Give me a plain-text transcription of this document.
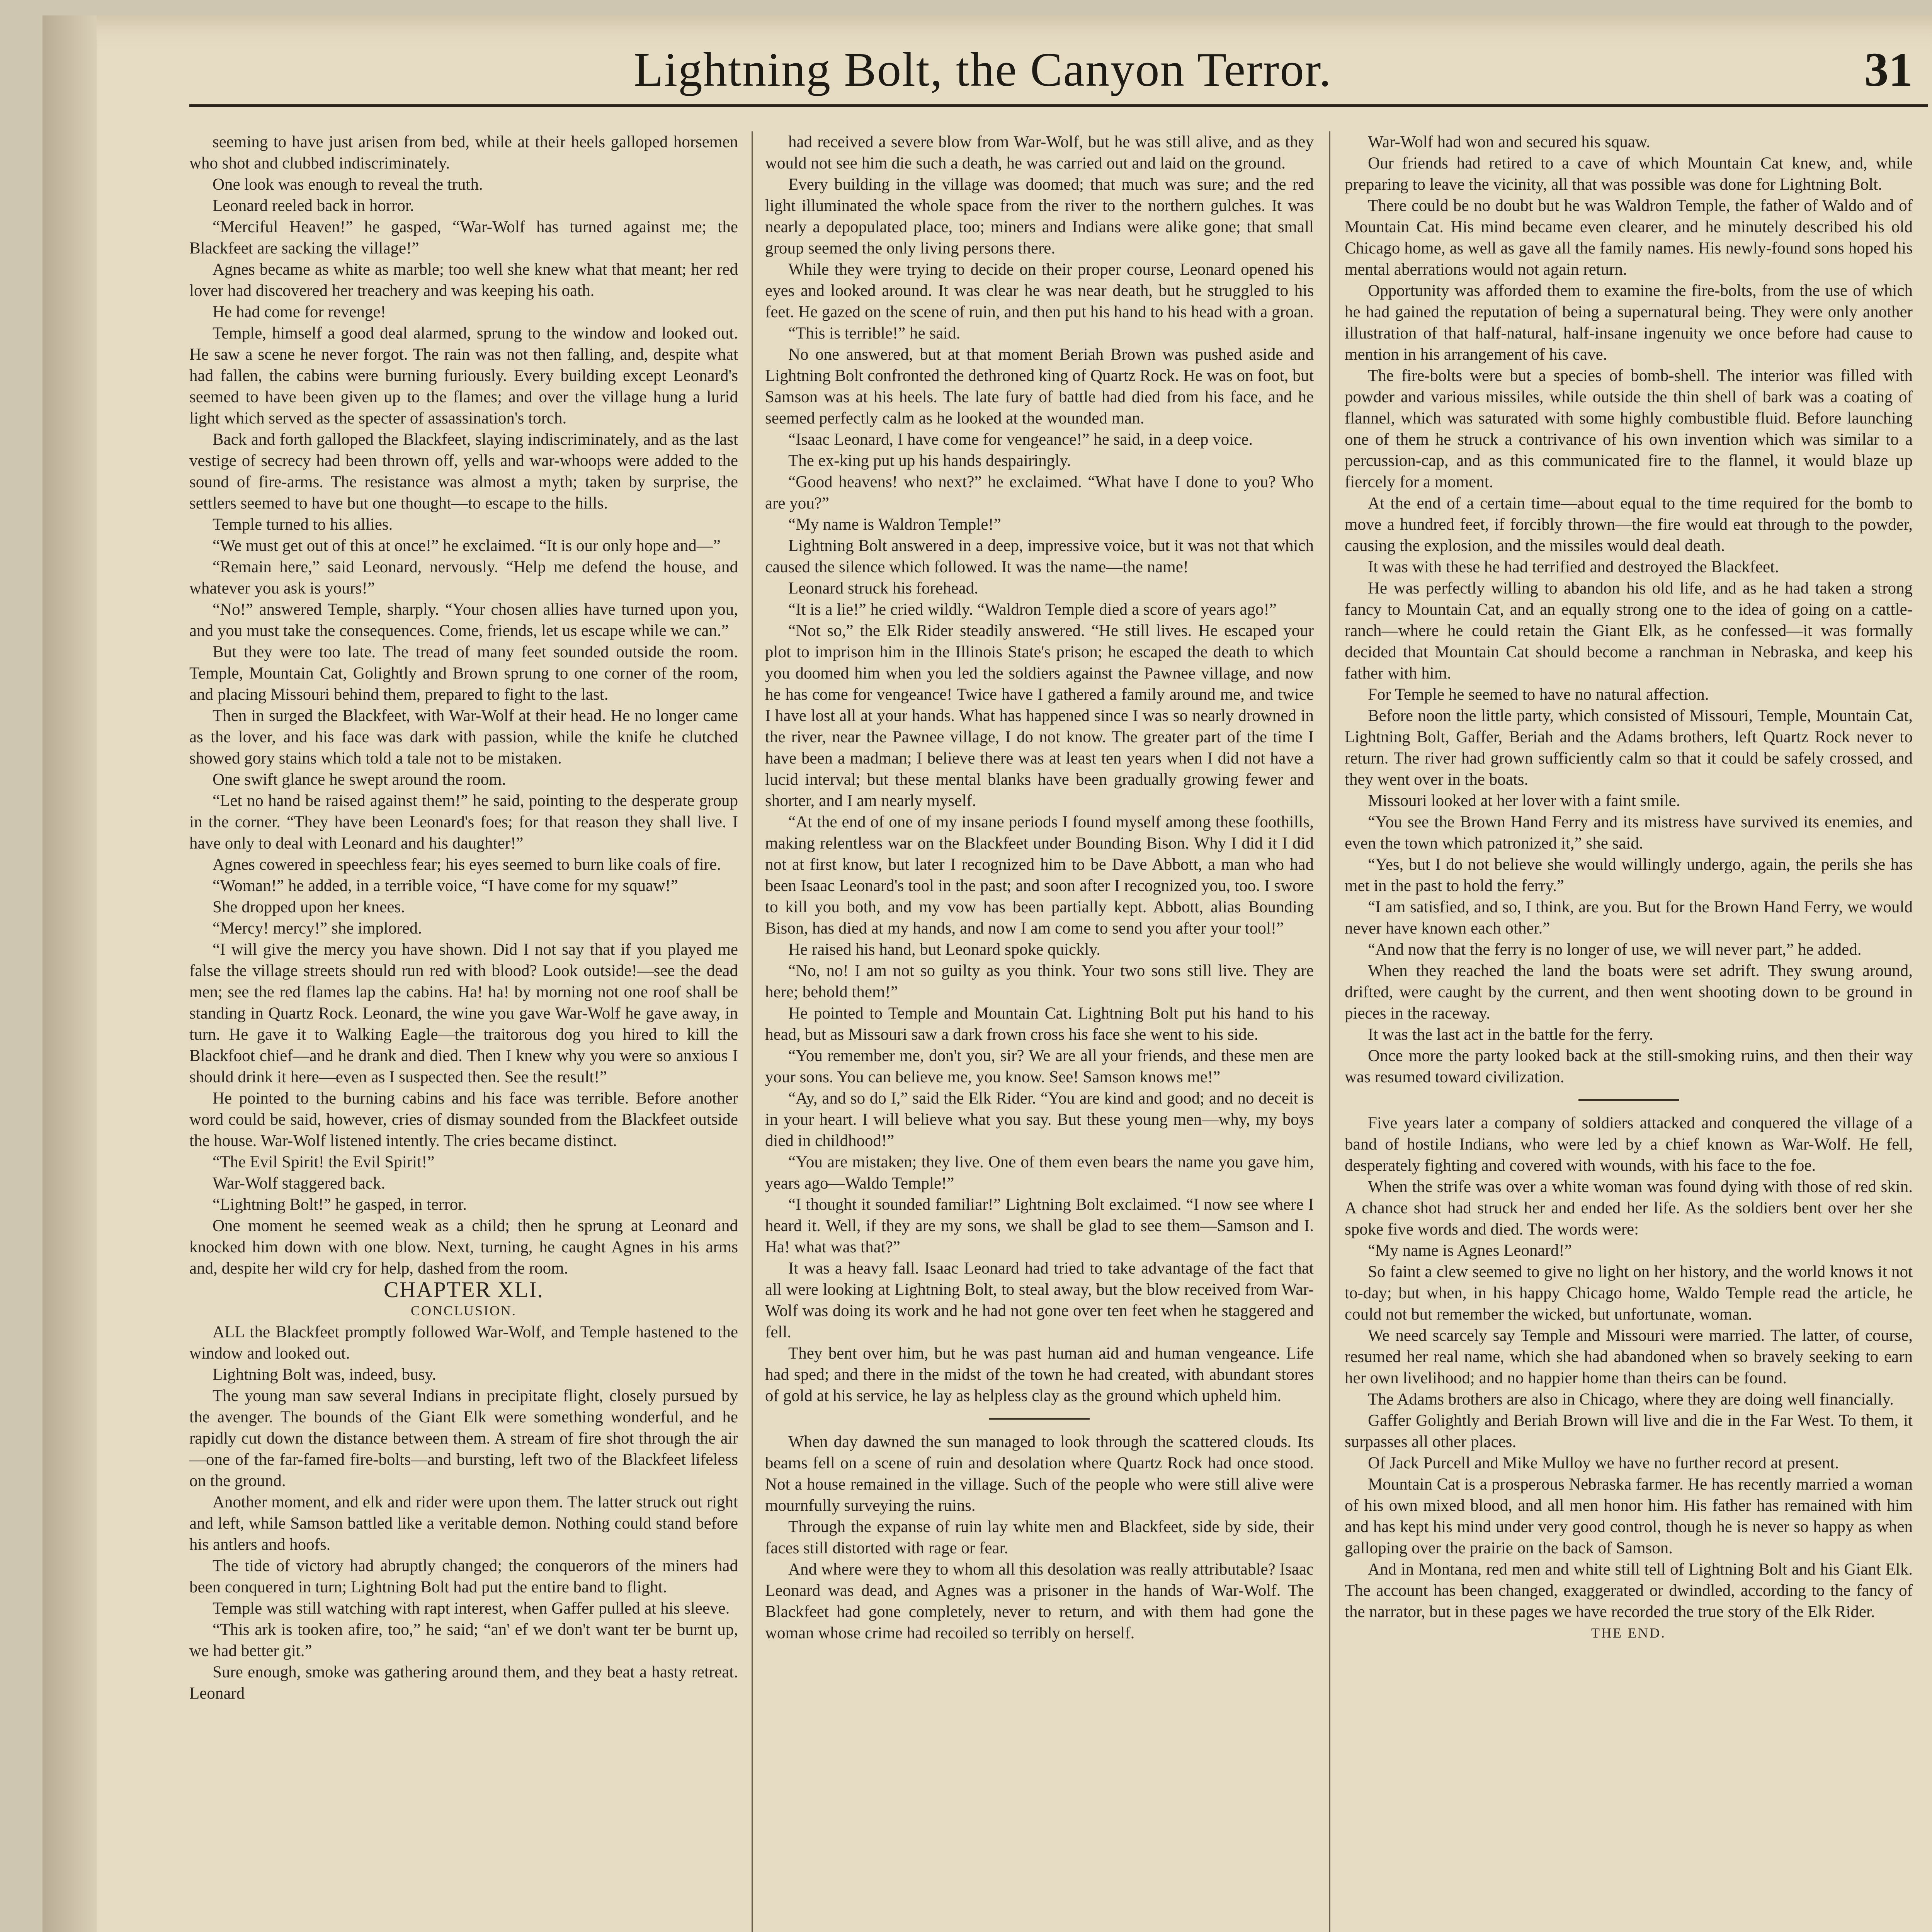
Lightning Bolt, the Canyon Terror.	31

seeming to have just arisen from bed, while at their heels galloped horsemen who shot and clubbed indiscriminately.

One look was enough to reveal the truth.

Leonard reeled back in horror.

“Merciful Heaven!” he gasped, “War-Wolf has turned against me; the Blackfeet are sacking the village!”

Agnes became as white as marble; too well she knew what that meant; her red lover had discovered her treachery and was keeping his oath.

He had come for revenge!

Temple, himself a good deal alarmed, sprung to the window and looked out. He saw a scene he never forgot. The rain was not then falling, and, despite what had fallen, the cabins were burning furiously. Every building except Leonard's seemed to have been given up to the flames; and over the village hung a lurid light which served as the specter of assassination's torch.

Back and forth galloped the Blackfeet, slaying indiscriminately, and as the last vestige of secrecy had been thrown off, yells and war-whoops were added to the sound of fire-arms. The resistance was almost a myth; taken by surprise, the settlers seemed to have but one thought—to escape to the hills.

Temple turned to his allies.

“We must get out of this at once!” he exclaimed. “It is our only hope and—”

“Remain here,” said Leonard, nervously. “Help me defend the house, and whatever you ask is yours!”

“No!” answered Temple, sharply. “Your chosen allies have turned upon you, and you must take the consequences. Come, friends, let us escape while we can.”

But they were too late. The tread of many feet sounded outside the room. Temple, Mountain Cat, Golightly and Brown sprung to one corner of the room, and placing Missouri behind them, prepared to fight to the last.

Then in surged the Blackfeet, with War-Wolf at their head. He no longer came as the lover, and his face was dark with passion, while the knife he clutched showed gory stains which told a tale not to be mistaken.

One swift glance he swept around the room.

“Let no hand be raised against them!” he said, pointing to the desperate group in the corner. “They have been Leonard's foes; for that reason they shall live. I have only to deal with Leonard and his daughter!”

Agnes cowered in speechless fear; his eyes seemed to burn like coals of fire.

“Woman!” he added, in a terrible voice, “I have come for my squaw!”

She dropped upon her knees.

“Mercy! mercy!” she implored.

“I will give the mercy you have shown. Did I not say that if you played me false the village streets should run red with blood? Look outside!—see the dead men; see the red flames lap the cabins. Ha! ha! by morning not one roof shall be standing in Quartz Rock. Leonard, the wine you gave War-Wolf he gave away, in turn. He gave it to Walking Eagle—the traitorous dog you hired to kill the Blackfoot chief—and he drank and died. Then I knew why you were so anxious I should drink it here—even as I suspected then. See the result!”

He pointed to the burning cabins and his face was terrible. Before another word could be said, however, cries of dismay sounded from the Blackfeet outside the house. War-Wolf listened intently. The cries became distinct.

“The Evil Spirit! the Evil Spirit!”

War-Wolf staggered back.

“Lightning Bolt!” he gasped, in terror.

One moment he seemed weak as a child; then he sprung at Leonard and knocked him down with one blow. Next, turning, he caught Agnes in his arms and, despite her wild cry for help, dashed from the room.

CHAPTER XLI.

CONCLUSION.

ALL the Blackfeet promptly followed War-Wolf, and Temple hastened to the window and looked out.

Lightning Bolt was, indeed, busy.

The young man saw several Indians in precipitate flight, closely pursued by the avenger. The bounds of the Giant Elk were something wonderful, and he rapidly cut down the distance between them. A stream of fire shot through the air—one of the far-famed fire-bolts—and bursting, left two of the Blackfeet lifeless on the ground.

Another moment, and elk and rider were upon them. The latter struck out right and left, while Samson battled like a veritable demon. Nothing could stand before his antlers and hoofs.

The tide of victory had abruptly changed; the conquerors of the miners had been conquered in turn; Lightning Bolt had put the entire band to flight.

Temple was still watching with rapt interest, when Gaffer pulled at his sleeve.

“This ark is tooken afire, too,” he said; “an' ef we don't want ter be burnt up, we had better git.”

Sure enough, smoke was gathering around them, and they beat a hasty retreat. Leonard

had received a severe blow from War-Wolf, but he was still alive, and as they would not see him die such a death, he was carried out and laid on the ground.

Every building in the village was doomed; that much was sure; and the red light illuminated the whole space from the river to the northern gulches. It was nearly a depopulated place, too; miners and Indians were alike gone; that small group seemed the only living persons there.

While they were trying to decide on their proper course, Leonard opened his eyes and looked around. It was clear he was near death, but he struggled to his feet. He gazed on the scene of ruin, and then put his hand to his head with a groan.

“This is terrible!” he said.

No one answered, but at that moment Beriah Brown was pushed aside and Lightning Bolt confronted the dethroned king of Quartz Rock. He was on foot, but Samson was at his heels. The late fury of battle had died from his face, and he seemed perfectly calm as he looked at the wounded man.

“Isaac Leonard, I have come for vengeance!” he said, in a deep voice.

The ex-king put up his hands despairingly.

“Good heavens! who next?” he exclaimed. “What have I done to you? Who are you?”

“My name is Waldron Temple!”

Lightning Bolt answered in a deep, impressive voice, but it was not that which caused the silence which followed. It was the name—the name!

Leonard struck his forehead.

“It is a lie!” he cried wildly. “Waldron Temple died a score of years ago!”

“Not so,” the Elk Rider steadily answered. “He still lives. He escaped your plot to imprison him in the Illinois State's prison; he escaped the death to which you doomed him when you led the soldiers against the Pawnee village, and now he has come for vengeance! Twice have I gathered a family around me, and twice I have lost all at your hands. What has happened since I was so nearly drowned in the river, near the Pawnee village, I do not know. The greater part of the time I have been a madman; I believe there was at least ten years when I did not have a lucid interval; but these mental blanks have been gradually growing fewer and shorter, and I am nearly myself.

“At the end of one of my insane periods I found myself among these foothills, making relentless war on the Blackfeet under Bounding Bison. Why I did it I did not at first know, but later I recognized him to be Dave Abbott, a man who had been Isaac Leonard's tool in the past; and soon after I recognized you, too. I swore to kill you both, and my vow has been partially kept. Abbott, alias Bounding Bison, has died at my hands, and now I am come to send you after your tool!”

He raised his hand, but Leonard spoke quickly.

“No, no! I am not so guilty as you think. Your two sons still live. They are here; behold them!”

He pointed to Temple and Mountain Cat. Lightning Bolt put his hand to his head, but as Missouri saw a dark frown cross his face she went to his side.

“You remember me, don't you, sir? We are all your friends, and these men are your sons. You can believe me, you know. See! Samson knows me!”

“Ay, and so do I,” said the Elk Rider. “You are kind and good; and no deceit is in your heart. I will believe what you say. But these young men—why, my boys died in childhood!”

“You are mistaken; they live. One of them even bears the name you gave him, years ago—Waldo Temple!”

“I thought it sounded familiar!” Lightning Bolt exclaimed. “I now see where I heard it. Well, if they are my sons, we shall be glad to see them—Samson and I. Ha! what was that?”

It was a heavy fall. Isaac Leonard had tried to take advantage of the fact that all were looking at Lightning Bolt, to steal away, but the blow received from War-Wolf was doing its work and he had not gone over ten feet when he staggered and fell.

They bent over him, but he was past human aid and human vengeance. Life had sped; and there in the midst of the town he had created, with abundant stores of gold at his service, he lay as helpless clay as the ground which upheld him.

When day dawned the sun managed to look through the scattered clouds. Its beams fell on a scene of ruin and desolation where Quartz Rock had once stood. Not a house remained in the village. Such of the people who were still alive were mournfully surveying the ruins.

Through the expanse of ruin lay white men and Blackfeet, side by side, their faces still distorted with rage or fear.

And where were they to whom all this desolation was really attributable? Isaac Leonard was dead, and Agnes was a prisoner in the hands of War-Wolf. The Blackfeet had gone completely, never to return, and with them had gone the woman whose crime had recoiled so terribly on herself.

War-Wolf had won and secured his squaw.

Our friends had retired to a cave of which Mountain Cat knew, and, while preparing to leave the vicinity, all that was possible was done for Lightning Bolt.

There could be no doubt but he was Waldron Temple, the father of Waldo and of Mountain Cat. His mind became even clearer, and he minutely described his old Chicago home, as well as gave all the family names. His newly-found sons hoped his mental aberrations would not again return.

Opportunity was afforded them to examine the fire-bolts, from the use of which he had gained the reputation of being a supernatural being. They were only another illustration of that half-natural, half-insane ingenuity we once before had cause to mention in his arrangement of his cave.

The fire-bolts were but a species of bomb-shell. The interior was filled with powder and various missiles, while outside the thin shell of bark was a coating of flannel, which was saturated with some highly combustible fluid. Before launching one of them he struck a contrivance of his own invention which was similar to a percussion-cap, and as this communicated fire to the flannel, it would blaze up fiercely for a moment.

At the end of a certain time—about equal to the time required for the bomb to move a hundred feet, if forcibly thrown—the fire would eat through to the powder, causing the explosion, and the missiles would deal death.

It was with these he had terrified and destroyed the Blackfeet.

He was perfectly willing to abandon his old life, and as he had taken a strong fancy to Mountain Cat, and an equally strong one to the idea of going on a cattle-ranch—where he could retain the Giant Elk, as he confessed—it was formally decided that Mountain Cat should become a ranchman in Nebraska, and keep his father with him.

For Temple he seemed to have no natural affection.

Before noon the little party, which consisted of Missouri, Temple, Mountain Cat, Lightning Bolt, Gaffer, Beriah and the Adams brothers, left Quartz Rock never to return. The river had grown sufficiently calm so that it could be safely crossed, and they went over in the boats.

Missouri looked at her lover with a faint smile.

“You see the Brown Hand Ferry and its mistress have survived its enemies, and even the town which patronized it,” she said.

“Yes, but I do not believe she would willingly undergo, again, the perils she has met in the past to hold the ferry.”

“I am satisfied, and so, I think, are you. But for the Brown Hand Ferry, we would never have known each other.”

“And now that the ferry is no longer of use, we will never part,” he added.

When they reached the land the boats were set adrift. They swung around, drifted, were caught by the current, and then went shooting down to be ground in pieces in the raceway.

It was the last act in the battle for the ferry.

Once more the party looked back at the still-smoking ruins, and then their way was resumed toward civilization.

Five years later a company of soldiers attacked and conquered the village of a band of hostile Indians, who were led by a chief known as War-Wolf. He fell, desperately fighting and covered with wounds, with his face to the foe.

When the strife was over a white woman was found dying with those of red skin. A chance shot had struck her and ended her life. As the soldiers bent over her she spoke five words and died. The words were:

“My name is Agnes Leonard!”

So faint a clew seemed to give no light on her history, and the world knows it not to-day; but when, in his happy Chicago home, Waldo Temple read the article, he could not but remember the wicked, but unfortunate, woman.

We need scarcely say Temple and Missouri were married. The latter, of course, resumed her real name, which she had abandoned when so bravely seeking to earn her own livelihood; and no happier home than theirs can be found.

The Adams brothers are also in Chicago, where they are doing well financially.

Gaffer Golightly and Beriah Brown will live and die in the Far West. To them, it surpasses all other places.

Of Jack Purcell and Mike Mulloy we have no further record at present.

Mountain Cat is a prosperous Nebraska farmer. He has recently married a woman of his own mixed blood, and all men honor him. His father has remained with him and has kept his mind under very good control, though he is never so happy as when galloping over the prairie on the back of Samson.

And in Montana, red men and white still tell of Lightning Bolt and his Giant Elk. The account has been changed, exaggerated or dwindled, according to the fancy of the narrator, but in these pages we have recorded the true story of the Elk Rider.

THE END.
